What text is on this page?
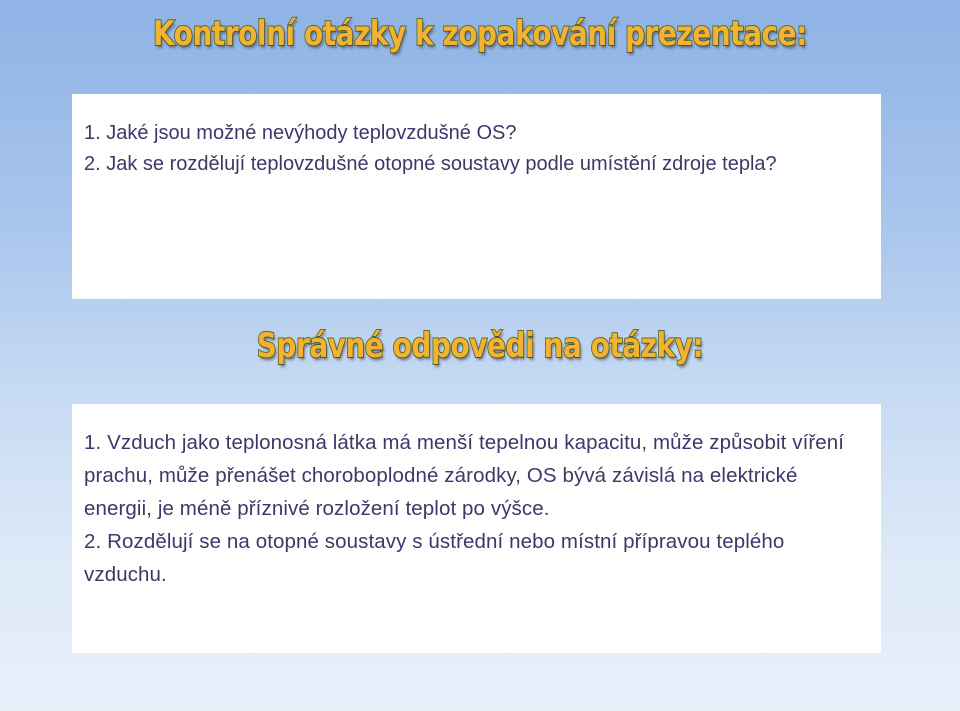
Kontrolní otázky k zopakování prezentace:

1. Jaké jsou možné nevýhody teplovzdušné OS?

2. Jak se rozdělují teplovzdušné otopné soustavy podle umístění zdroje tepla?

Správné odpovědi na otázky:

1. Vzduch jako teplonosná látka má menší tepelnou kapacitu, může způsobit víření prachu, může přenášet choroboplodné zárodky, OS bývá závislá na elektrické energii, je méně příznivé rozložení teplot po výšce.

2. Rozdělují se na otopné soustavy s ústřední nebo místní přípravou teplého vzduchu.
